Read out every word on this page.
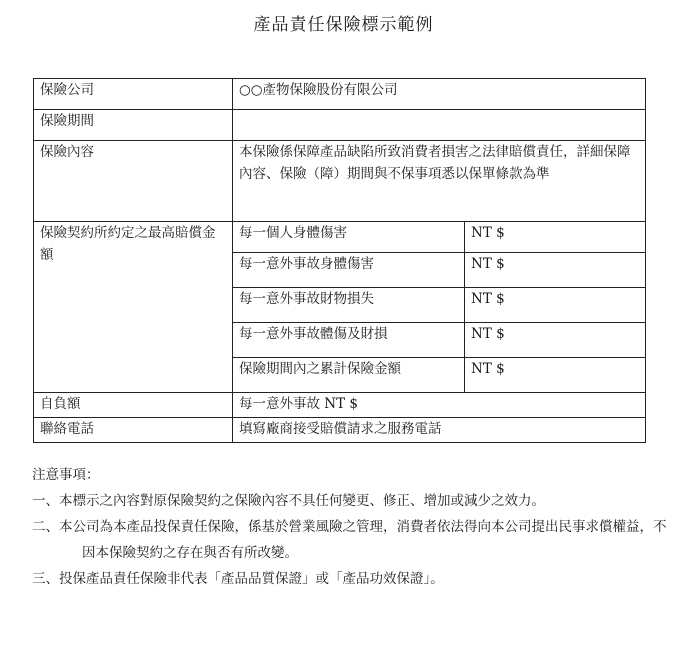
產品責任保險標示範例
保險公司	○○產物保險股份有限公司	
保險期間		
保險內容	本保險係保障產品缺陷所致消費者損害之法律賠償責任，詳細保障內容、保險（障）期間與不保事項悉以保單條款為準	
保險契約所約定之最高賠償金額	每一個人身體傷害	NT $
	每一意外事故身體傷害	NT $
	每一意外事故財物損失	NT $
	每一意外事故體傷及財損	NT $
	保險期間內之累計保險金額	NT $
自負額	每一意外事故 NT $	
聯絡電話	填寫廠商接受賠償請求之服務電話	
注意事項：
一、本標示之內容對原保險契約之保險內容不具任何變更、修正、增加或減少之效力。
二、本公司為本產品投保責任保險，係基於營業風險之管理，消費者依法得向本公司提出民事求償權益，不因本保險契約之存在與否有所改變。
三、投保產品責任保險非代表「產品品質保證」或「產品功效保證」。
